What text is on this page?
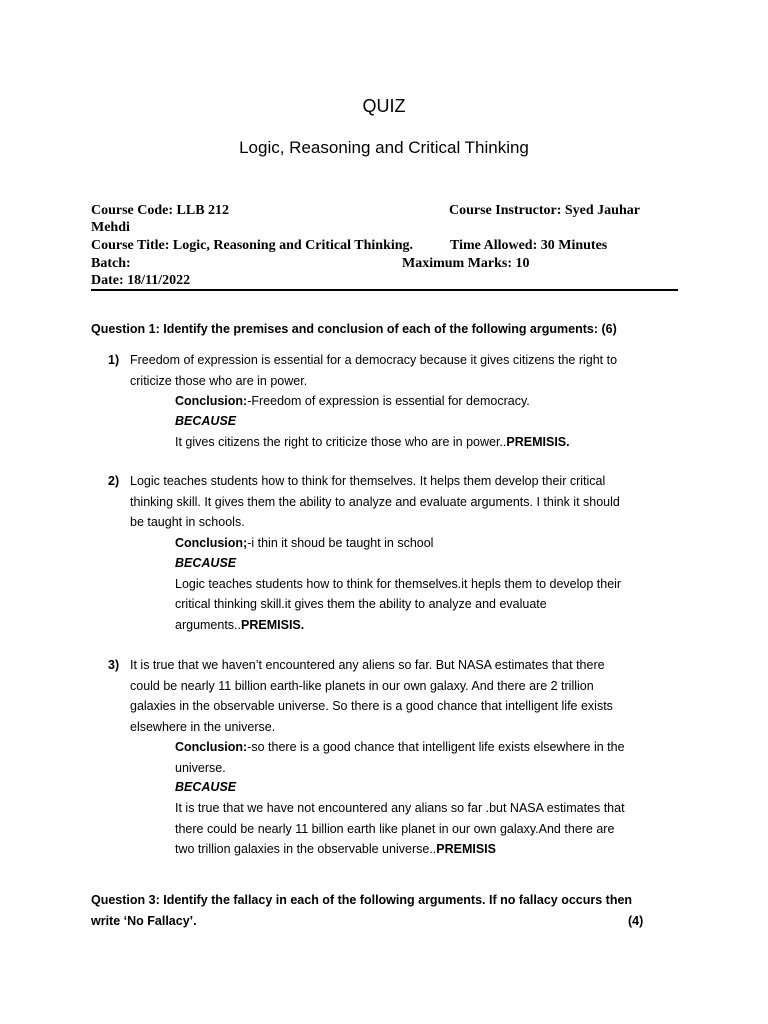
QUIZ
Logic, Reasoning and Critical Thinking
Course Code: LLB 212	Course Instructor: Syed Jauhar
Mehdi
Course Title: Logic, Reasoning and Critical Thinking.	Time Allowed: 30 Minutes
Batch:	Maximum Marks: 10
Date: 18/11/2022
Question 1: Identify the premises and conclusion of each of the following arguments: (6)
1) Freedom of expression is essential for a democracy because it gives citizens the right to
criticize those who are in power.
Conclusion:-Freedom of expression is essential for democracy.
BECAUSE
It gives citizens the right to criticize those who are in power..PREMISIS.
2) Logic teaches students how to think for themselves. It helps them develop their critical
thinking skill. It gives them the ability to analyze and evaluate arguments. I think it should
be taught in schools.
Conclusion;-i thin it shoud be taught in school
BECAUSE
Logic teaches students how to think for themselves.it hepls them to develop their
critical thinking skill.it gives them the ability to analyze and evaluate
arguments..PREMISIS.
3) It is true that we haven’t encountered any aliens so far. But NASA estimates that there
could be nearly 11 billion earth-like planets in our own galaxy. And there are 2 trillion
galaxies in the observable universe. So there is a good chance that intelligent life exists
elsewhere in the universe.
Conclusion:-so there is a good chance that intelligent life exists elsewhere in the
universe.
BECAUSE
It is true that we have not encountered any alians so far .but NASA estimates that
there could be nearly 11 billion earth like planet in our own galaxy.And there are
two trillion galaxies in the observable universe..PREMISIS
Question 3: Identify the fallacy in each of the following arguments. If no fallacy occurs then
write ‘No Fallacy’.	(4)
